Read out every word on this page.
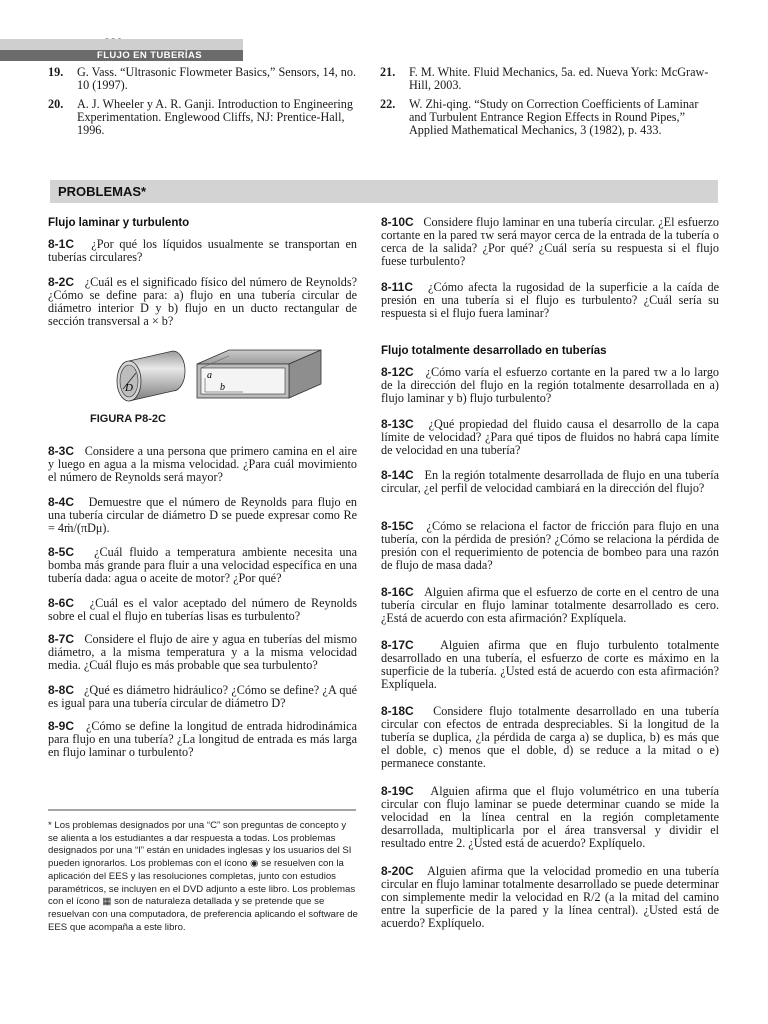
FLUJO EN TUBERÍAS
19. G. Vass. “Ultrasonic Flowmeter Basics,” Sensors, 14, no. 10 (1997).
20. A. J. Wheeler y A. R. Ganji. Introduction to Engineering Experimentation. Englewood Cliffs, NJ: Prentice-Hall, 1996.
21. F. M. White. Fluid Mechanics, 5a. ed. Nueva York: McGraw-Hill, 2003.
22. W. Zhi-qing. “Study on Correction Coefficients of Laminar and Turbulent Entrance Region Effects in Round Pipes,” Applied Mathematical Mechanics, 3 (1982), p. 433.
PROBLEMAS*
Flujo laminar y turbulento
8-1C ¿Por qué los líquidos usualmente se transportan en tuberías circulares?
8-2C ¿Cuál es el significado físico del número de Reynolds? ¿Cómo se define para: a) flujo en una tubería circular de diámetro interior D y b) flujo en un ducto rectangular de sección transversal a × b?
D
a
b
FIGURA P8-2C
8-3C Considere a una persona que primero camina en el aire y luego en agua a la misma velocidad. ¿Para cuál movimiento el número de Reynolds será mayor?
8-4C Demuestre que el número de Reynolds para flujo en una tubería circular de diámetro D se puede expresar como Re = 4ṁ/(πDμ).
8-5C ¿Cuál fluido a temperatura ambiente necesita una bomba más grande para fluir a una velocidad específica en una tubería dada: agua o aceite de motor? ¿Por qué?
8-6C ¿Cuál es el valor aceptado del número de Reynolds sobre el cual el flujo en tuberías lisas es turbulento?
8-7C Considere el flujo de aire y agua en tuberías del mismo diámetro, a la misma temperatura y a la misma velocidad media. ¿Cuál flujo es más probable que sea turbulento?
8-8C ¿Qué es diámetro hidráulico? ¿Cómo se define? ¿A qué es igual para una tubería circular de diámetro D?
8-9C ¿Cómo se define la longitud de entrada hidrodinámica para flujo en una tubería? ¿La longitud de entrada es más larga en flujo laminar o turbulento?
* Los problemas designados por una “C” son preguntas de concepto y se alienta a los estudiantes a dar respuesta a todas. Los problemas designados por una “I” están en unidades inglesas y los usuarios del SI pueden ignorarlos. Los problemas con el ícono ◉ se resuelven con la aplicación del EES y las resoluciones completas, junto con estudios paramétricos, se incluyen en el DVD adjunto a este libro. Los problemas con el ícono ▦ son de naturaleza detallada y se pretende que se resuelvan con una computadora, de preferencia aplicando el software de EES que acompaña a este libro.
8-10C Considere flujo laminar en una tubería circular. ¿El esfuerzo cortante en la pared τw será mayor cerca de la entrada de la tubería o cerca de la salida? ¿Por qué? ¿Cuál sería su respuesta si el flujo fuese turbulento?
8-11C ¿Cómo afecta la rugosidad de la superficie a la caída de presión en una tubería si el flujo es turbulento? ¿Cuál sería su respuesta si el flujo fuera laminar?
Flujo totalmente desarrollado en tuberías
8-12C ¿Cómo varía el esfuerzo cortante en la pared τw a lo largo de la dirección del flujo en la región totalmente desarrollada en a) flujo laminar y b) flujo turbulento?
8-13C ¿Qué propiedad del fluido causa el desarrollo de la capa límite de velocidad? ¿Para qué tipos de fluidos no habrá capa límite de velocidad en una tubería?
8-14C En la región totalmente desarrollada de flujo en una tubería circular, ¿el perfil de velocidad cambiará en la dirección del flujo?
8-15C ¿Cómo se relaciona el factor de fricción para flujo en una tubería, con la pérdida de presión? ¿Cómo se relaciona la pérdida de presión con el requerimiento de potencia de bombeo para una razón de flujo de masa dada?
8-16C Alguien afirma que el esfuerzo de corte en el centro de una tubería circular en flujo laminar totalmente desarrollado es cero. ¿Está de acuerdo con esta afirmación? Explíquela.
8-17C Alguien afirma que en flujo turbulento totalmente desarrollado en una tubería, el esfuerzo de corte es máximo en la superficie de la tubería. ¿Usted está de acuerdo con esta afirmación? Explíquela.
8-18C Considere flujo totalmente desarrollado en una tubería circular con efectos de entrada despreciables. Si la longitud de la tubería se duplica, ¿la pérdida de carga a) se duplica, b) es más que el doble, c) menos que el doble, d) se reduce a la mitad o e) permanece constante.
8-19C Alguien afirma que el flujo volumétrico en una tubería circular con flujo laminar se puede determinar cuando se mide la velocidad en la línea central en la región completamente desarrollada, multiplicarla por el área transversal y dividir el resultado entre 2. ¿Usted está de acuerdo? Explíquelo.
8-20C Alguien afirma que la velocidad promedio en una tubería circular en flujo laminar totalmente desarrollado se puede determinar con simplemente medir la velocidad en R/2 (a la mitad del camino entre la superficie de la pared y la línea central). ¿Usted está de acuerdo? Explíquelo.
